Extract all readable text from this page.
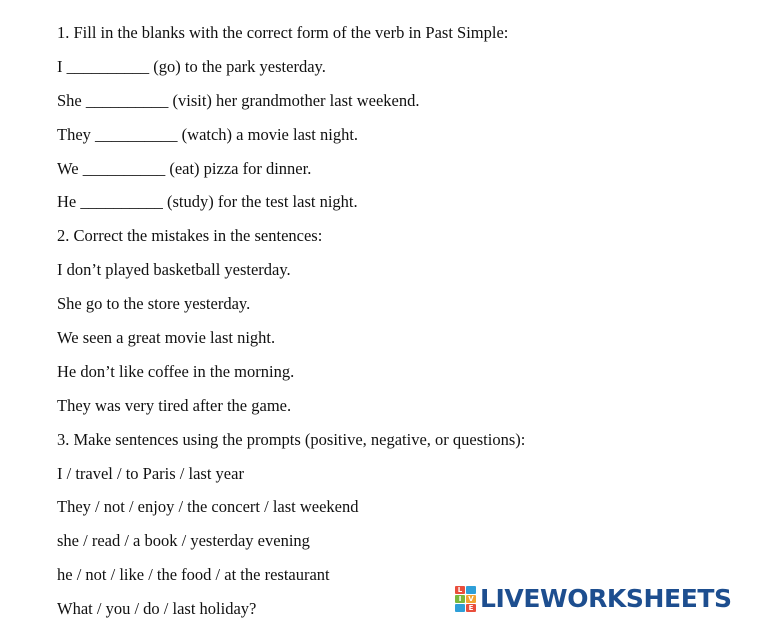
1. Fill in the blanks with the correct form of the verb in Past Simple:
I __________ (go) to the park yesterday.
She __________ (visit) her grandmother last weekend.
They __________ (watch) a movie last night.
We __________ (eat) pizza for dinner.
He __________ (study) for the test last night.
2. Correct the mistakes in the sentences:
I don’t played basketball yesterday.
She go to the store yesterday.
We seen a great movie last night.
He don’t like coffee in the morning.
They was very tired after the game.
3. Make sentences using the prompts (positive, negative, or questions):
I / travel / to Paris / last year
They / not / enjoy / the concert / last weekend
she / read / a book / yesterday evening
he / not / like / the food / at the restaurant
What / you / do / last holiday?
L
I V
E LIVEWORKSHEETS
